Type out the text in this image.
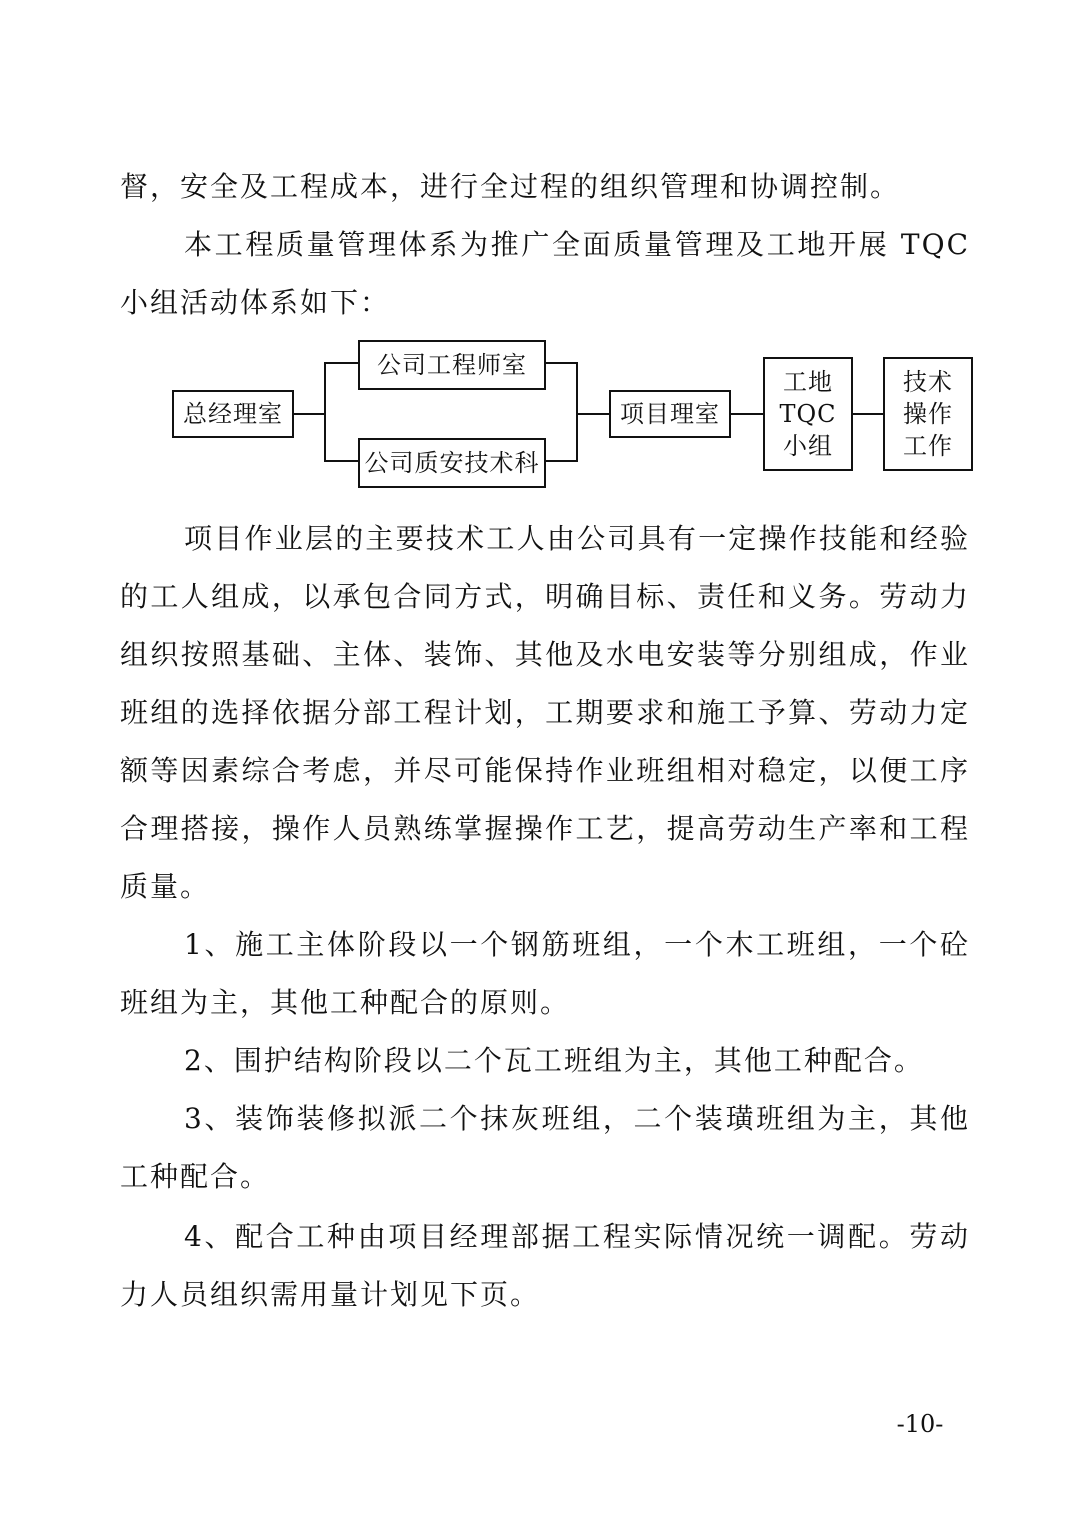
督，安全及工程成本，进行全过程的组织管理和协调控制。

本工程质量管理体系为推广全面质量管理及工地开展 TQC 小组活动体系如下：

总经理室
公司工程师室
公司质安技术科
项目理室
工地
TQC
小组
技术
操作
工作

项目作业层的主要技术工人由公司具有一定操作技能和经验的工人组成，以承包合同方式，明确目标、责任和义务。劳动力组织按照基础、主体、装饰、其他及水电安装等分别组成，作业班组的选择依据分部工程计划，工期要求和施工予算、劳动力定额等因素综合考虑，并尽可能保持作业班组相对稳定，以便工序合理搭接，操作人员熟练掌握操作工艺，提高劳动生产率和工程质量。

1、施工主体阶段以一个钢筋班组，一个木工班组，一个砼班组为主，其他工种配合的原则。

2、围护结构阶段以二个瓦工班组为主，其他工种配合。

3、装饰装修拟派二个抹灰班组，二个装璜班组为主，其他工种配合。

4、配合工种由项目经理部据工程实际情况统一调配。劳动力人员组织需用量计划见下页。

-10-
